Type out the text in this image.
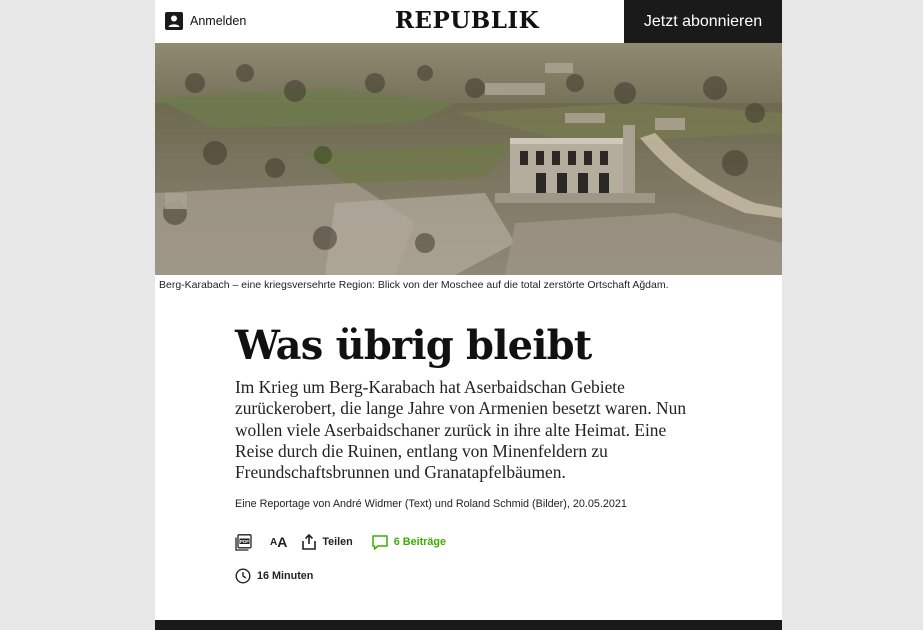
Anmelden	REPUBLIK	Jetzt abonnieren
Berg-Karabach – eine kriegsversehrte Region: Blick von der Moschee auf die total zerstörte Ortschaft Ağdam.
Was übrig bleibt

Im Krieg um Berg-Karabach hat Aserbaidschan Gebiete zurückerobert, die lange Jahre von Armenien besetzt waren. Nun wollen viele Aserbaidschaner zurück in ihre alte Heimat. Eine Reise durch die Ruinen, entlang von Minenfeldern zu Freundschaftsbrunnen und Granatapfelbäumen.

Eine Reportage von André Widmer (Text) und Roland Schmid (Bilder), 20.05.2021
PDF A A	Teilen	6 Beiträge
16 Minuten
